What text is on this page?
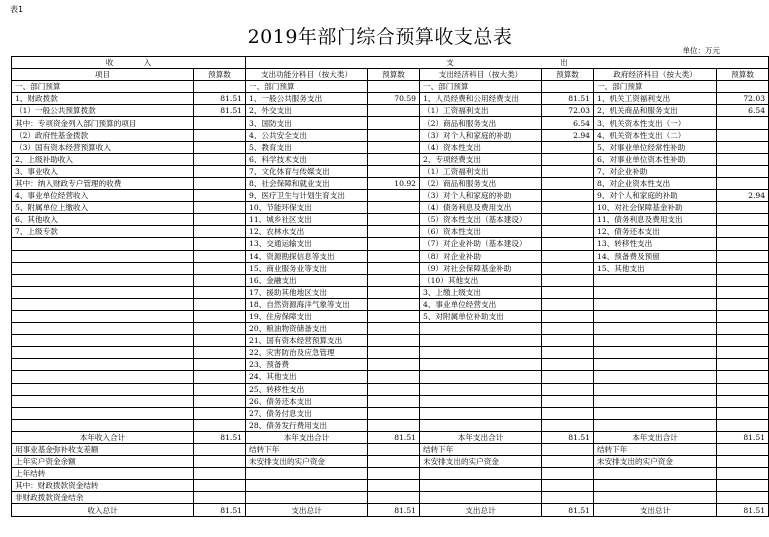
表1
2019年部门综合预算收支总表
单位：万元
收　　　　入		支　　　　　　　　　　　　　　出					
项目	预算数	支出功能分科目（按大类）	预算数	支出经济科目（按大类）	预算数	政府经济科目（按大类）	预算数
一、部门预算		一、部门预算		一、部门预算		一、部门预算	
1、财政拨款	81.51	1、一般公共服务支出	70.59	1、人员经费和公用经费支出	81.51	1、机关工资福利支出	72.03
（1）一般公共预算拨款	81.51	2、外交支出		（1）工资福利支出	72.03	2、机关商品和服务支出	6.54
其中：专项资金列入部门预算的项目		3、国防支出		（2）商品和服务支出	6.54	3、机关资本性支出（一）	
（2）政府性基金拨款		4、公共安全支出		（3）对个人和家庭的补助	2.94	4、机关资本性支出（二）	
（3）国有资本经营预算收入		5、教育支出		（4）资本性支出		5、对事业单位经常性补助	
2、上级补助收入		6、科学技术支出		2、专项经费支出		6、对事业单位资本性补助	
3、事业收入		7、文化体育与传媒支出		（1）工资福利支出		7、对企业补助	
其中：纳入财政专户管理的收费		8、社会保障和就业支出	10.92	（2）商品和服务支出		8、对企业资本性支出	
4、事业单位经营收入		9、医疗卫生与计划生育支出		（3）对个人和家庭的补助		9、对个人和家庭的补助	2.94
5、附属单位上缴收入		10、节能环保支出		（4）债务利息及费用支出		10、对社会保障基金补助	
6、其他收入		11、城乡社区支出		（5）资本性支出（基本建设）		11、债务利息及费用支出	
7、上级专款		12、农林水支出		（6）资本性支出		12、债务还本支出	
		13、交通运输支出		（7）对企业补助（基本建设）		13、转移性支出	
		14、资源勘探信息等支出		（8）对企业补助		14、预备费及预留	
		15、商业服务业等支出		（9）对社会保障基金补助		15、其他支出	
		16、金融支出		（10）其他支出			
		17、援助其他地区支出		3、上缴上级支出			
		18、自然资源海洋气象等支出		4、事业单位经营支出			
		19、住房保障支出		5、对附属单位补助支出			
		20、粮油物资储备支出					
		21、国有资本经营预算支出					
		22、灾害防治及应急管理					
		23、预备费					
		24、其他支出					
		25、转移性支出					
		26、债务还本支出					
		27、债务付息支出					
		28、债务发行费用支出					
本年收入合计	81.51	本年支出合计	81.51	本年支出合计	81.51	本年支出合计	81.51
用事业基金弥补收支差额		结转下年		结转下年		结转下年	
上年实户资金余额		未安排支出的实户资金		未安排支出的实户资金		未安排支出的实户资金	
上年结转							
其中：财政拨款资金结转							
非财政拨款资金结余							
收入总计	81.51	支出总计	81.51	支出总计	81.51	支出总计	81.51
